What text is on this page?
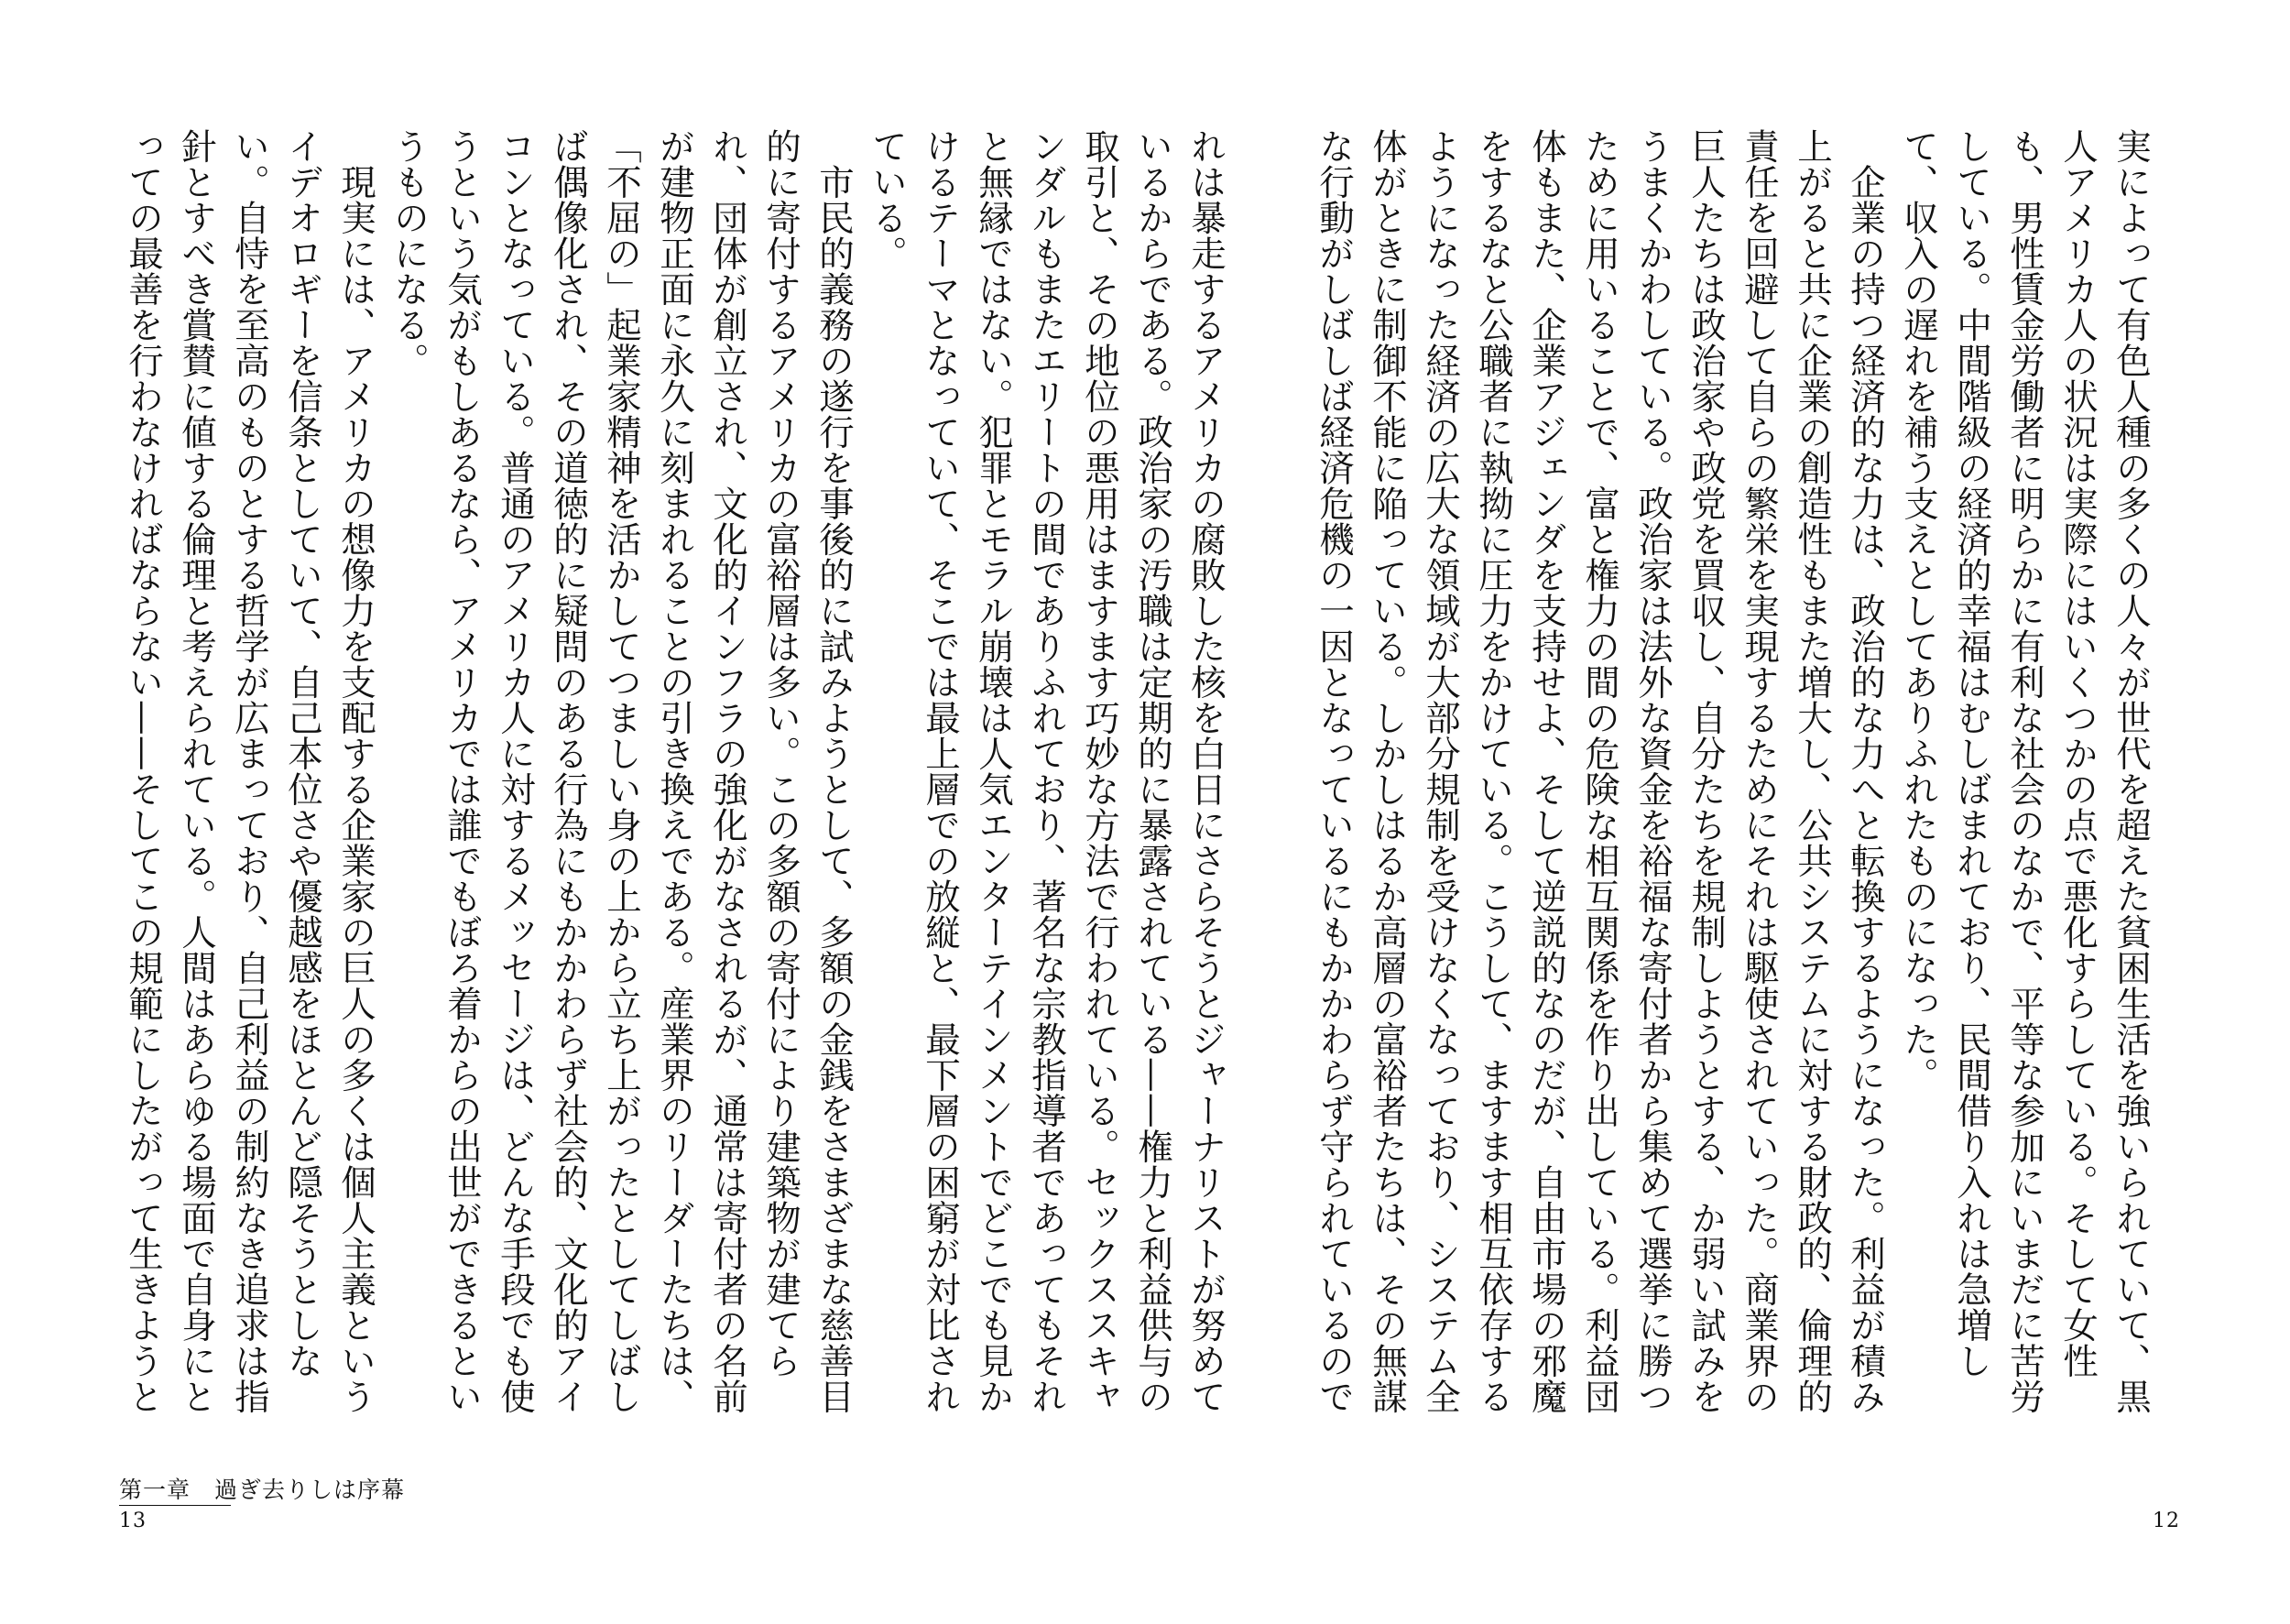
実によって有色人種の多くの人々が世代を超えた貧困生活を強いられていて、黒人アメリカ人の状況は実際にはいくつかの点で悪化すらしている。そして女性も、男性賃金労働者に明らかに有利な社会のなかで、平等な参加にいまだに苦労している。中間階級の経済的幸福はむしばまれており、民間借り入れは急増して、収入の遅れを補う支えとしてありふれたものになった。

企業の持つ経済的な力は、政治的な力へと転換するようになった。利益が積み上がると共に企業の創造性もまた増大し、公共システムに対する財政的、倫理的責任を回避して自らの繁栄を実現するためにそれは駆使されていった。商業界の巨人たちは政治家や政党を買収し、自分たちを規制しようとする、か弱い試みをうまくかわしている。政治家は法外な資金を裕福な寄付者から集めて選挙に勝つために用いることで、富と権力の間の危険な相互関係を作り出している。利益団体もまた、企業アジェンダを支持せよ、そして逆説的なのだが、自由市場の邪魔をするなと公職者に執拗に圧力をかけている。こうして、ますます相互依存するようになった経済の広大な領域が大部分規制を受けなくなっており、システム全体がときに制御不能に陥っている。しかしはるか高層の富裕者たちは、その無謀な行動がしばしば経済危機の一因となっているにもかかわらず守られているので

れは暴走するアメリカの腐敗した核を白日にさらそうとジャーナリストが努めているからである。政治家の汚職は定期的に暴露されている——権力と利益供与の取引と、その地位の悪用はますます巧妙な方法で行われている。セックススキャンダルもまたエリートの間でありふれており、著名な宗教指導者であってもそれと無縁ではない。犯罪とモラル崩壊は人気エンターテインメントでどこでも見かけるテーマとなっていて、そこでは最上層での放縦と、最下層の困窮が対比されている。

市民的義務の遂行を事後的に試みようとして、多額の金銭をさまざまな慈善目的に寄付するアメリカの富裕層は多い。この多額の寄付により建築物が建てられ、団体が創立され、文化的インフラの強化がなされるが、通常は寄付者の名前が建物正面に永久に刻まれることの引き換えである。産業界のリーダーたちは、「不屈の」起業家精神を活かしてつましい身の上から立ち上がったとしてしばしば偶像化され、その道徳的に疑問のある行為にもかかわらず社会的、文化的アイコンとなっている。普通のアメリカ人に対するメッセージは、どんな手段でも使うという気がもしあるなら、アメリカでは誰でもぼろ着からの出世ができるというものになる。

現実には、アメリカの想像力を支配する企業家の巨人の多くは個人主義というイデオロギーを信条としていて、自己本位さや優越感をほとんど隠そうとしない。自恃を至高のものとする哲学が広まっており、自己利益の制約なき追求は指針とすべき賞賛に値する倫理と考えられている。人間はあらゆる場面で自身にとっての最善を行わなければならない——そしてこの規範にしたがって生きようと

第一章　過ぎ去りしは序幕
13	12
